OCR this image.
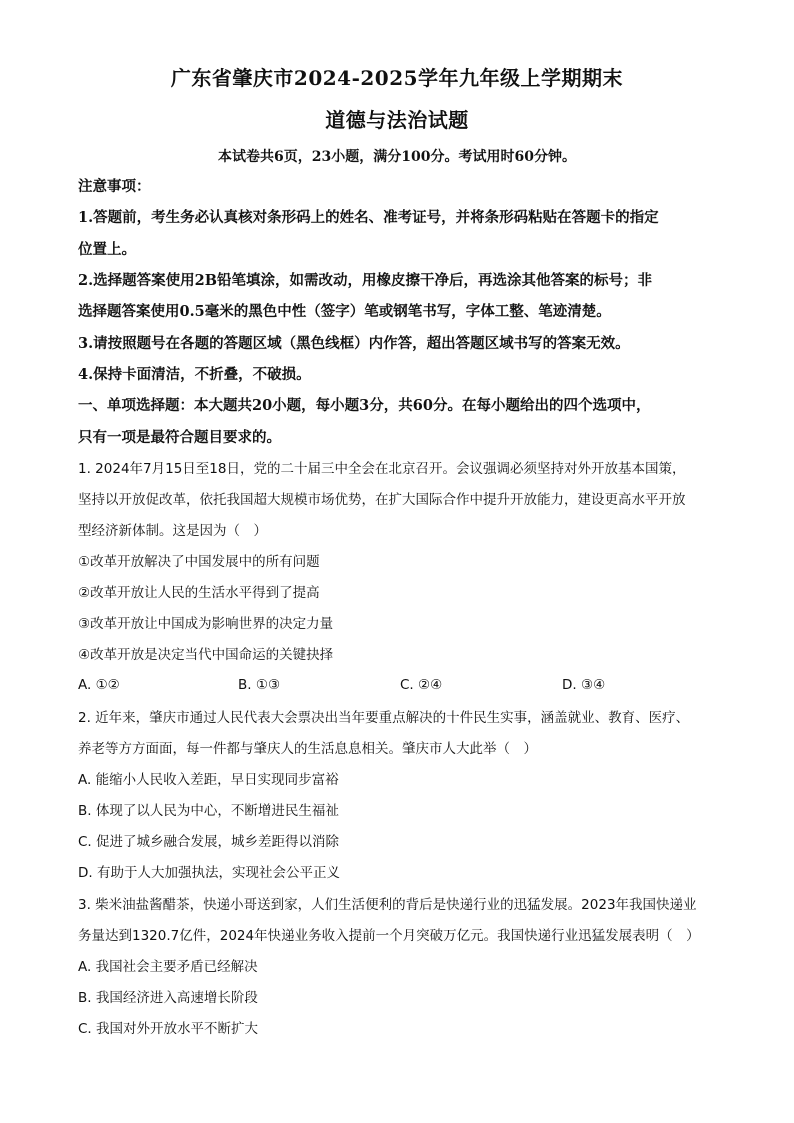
广东省肇庆市2024-2025学年九年级上学期期末
道德与法治试题
本试卷共6页，23小题，满分100分。考试用时60分钟。
注意事项：
1.答题前，考生务必认真核对条形码上的姓名、准考证号，并将条形码粘贴在答题卡的指定
位置上。
2.选择题答案使用2B铅笔填涂，如需改动，用橡皮擦干净后，再选涂其他答案的标号；非
选择题答案使用0.5毫米的黑色中性（签字）笔或钢笔书写，字体工整、笔迹清楚。
3.请按照题号在各题的答题区域（黑色线框）内作答，超出答题区域书写的答案无效。
4.保持卡面清洁，不折叠，不破损。
一、单项选择题：本大题共20小题，每小题3分，共60分。在每小题给出的四个选项中，
只有一项是最符合题目要求的。
1. 2024年7月15日至18日，党的二十届三中全会在北京召开。会议强调必须坚持对外开放基本国策，
坚持以开放促改革，依托我国超大规模市场优势，在扩大国际合作中提升开放能力，建设更高水平开放
型经济新体制。这是因为（　）
①改革开放解决了中国发展中的所有问题
②改革开放让人民的生活水平得到了提高
③改革开放让中国成为影响世界的决定力量
④改革开放是决定当代中国命运的关键抉择
A. ①②	B. ①③	C. ②④	D. ③④
2. 近年来，肇庆市通过人民代表大会票决出当年要重点解决的十件民生实事，涵盖就业、教育、医疗、
养老等方方面面，每一件都与肇庆人的生活息息相关。肇庆市人大此举（　）
A. 能缩小人民收入差距，早日实现同步富裕
B. 体现了以人民为中心，不断增进民生福祉
C. 促进了城乡融合发展，城乡差距得以消除
D. 有助于人大加强执法，实现社会公平正义
3. 柴米油盐酱醋茶，快递小哥送到家，人们生活便利的背后是快递行业的迅猛发展。2023年我国快递业
务量达到1320.7亿件，2024年快递业务收入提前一个月突破万亿元。我国快递行业迅猛发展表明（　）
A. 我国社会主要矛盾已经解决
B. 我国经济进入高速增长阶段
C. 我国对外开放水平不断扩大
